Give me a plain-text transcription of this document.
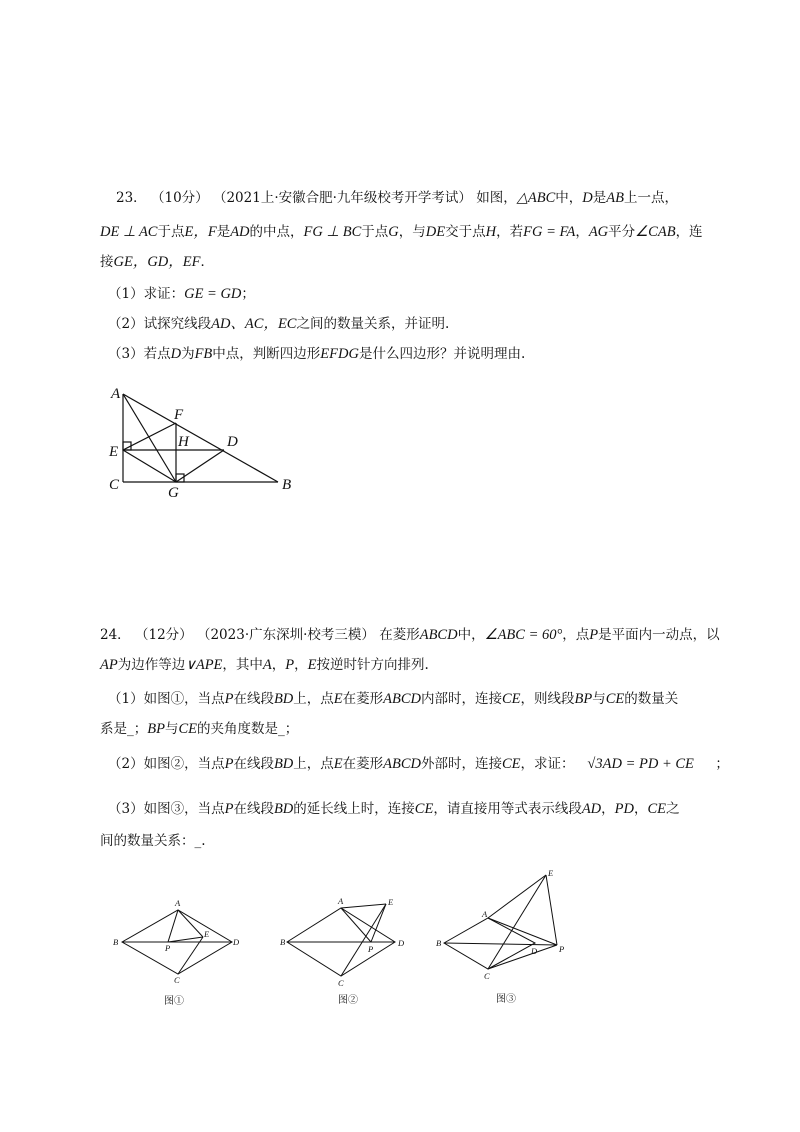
23． （10分） （2021上·安徽合肥·九年级校考开学考试） 如图，△ABC中，D是AB上一点，
DE ⊥ AC于点E，F是AD的中点，FG ⊥ BC于点G，与DE交于点H，若FG = FA，AG平分∠CAB，连
接GE，GD，EF．
（1）求证：GE = GD；
（2）试探究线段AD、AC，EC之间的数量关系，并证明.
（3）若点D为FB中点，判断四边形EFDG是什么四边形？并说明理由.
A
F
H	D
E
C	G	B
24． （12分） （2023·广东深圳·校考三模） 在菱形ABCD中，∠ABC = 60°，点P是平面内一动点，以
AP为边作等边∨APE，其中A，P，E按逆时针方向排列.
（1）如图①，当点P在线段BD上，点E在菱形ABCD内部时，连接CE，则线段BP与CE的数量关
系是_；BP与CE的夹角度数是_；
（2）如图②，当点P在线段BD上，点E在菱形ABCD外部时，连接CE，求证： √3AD = PD + CE ；
（3）如图③，当点P在线段BD的延长线上时，连接CE，请直接用等式表示线段AD，PD，CE之
间的数量关系：_.
A
B	D
P
E
C
图①
A
B	D
P
E
C
图②
A
B
D	P
E
C
图③
